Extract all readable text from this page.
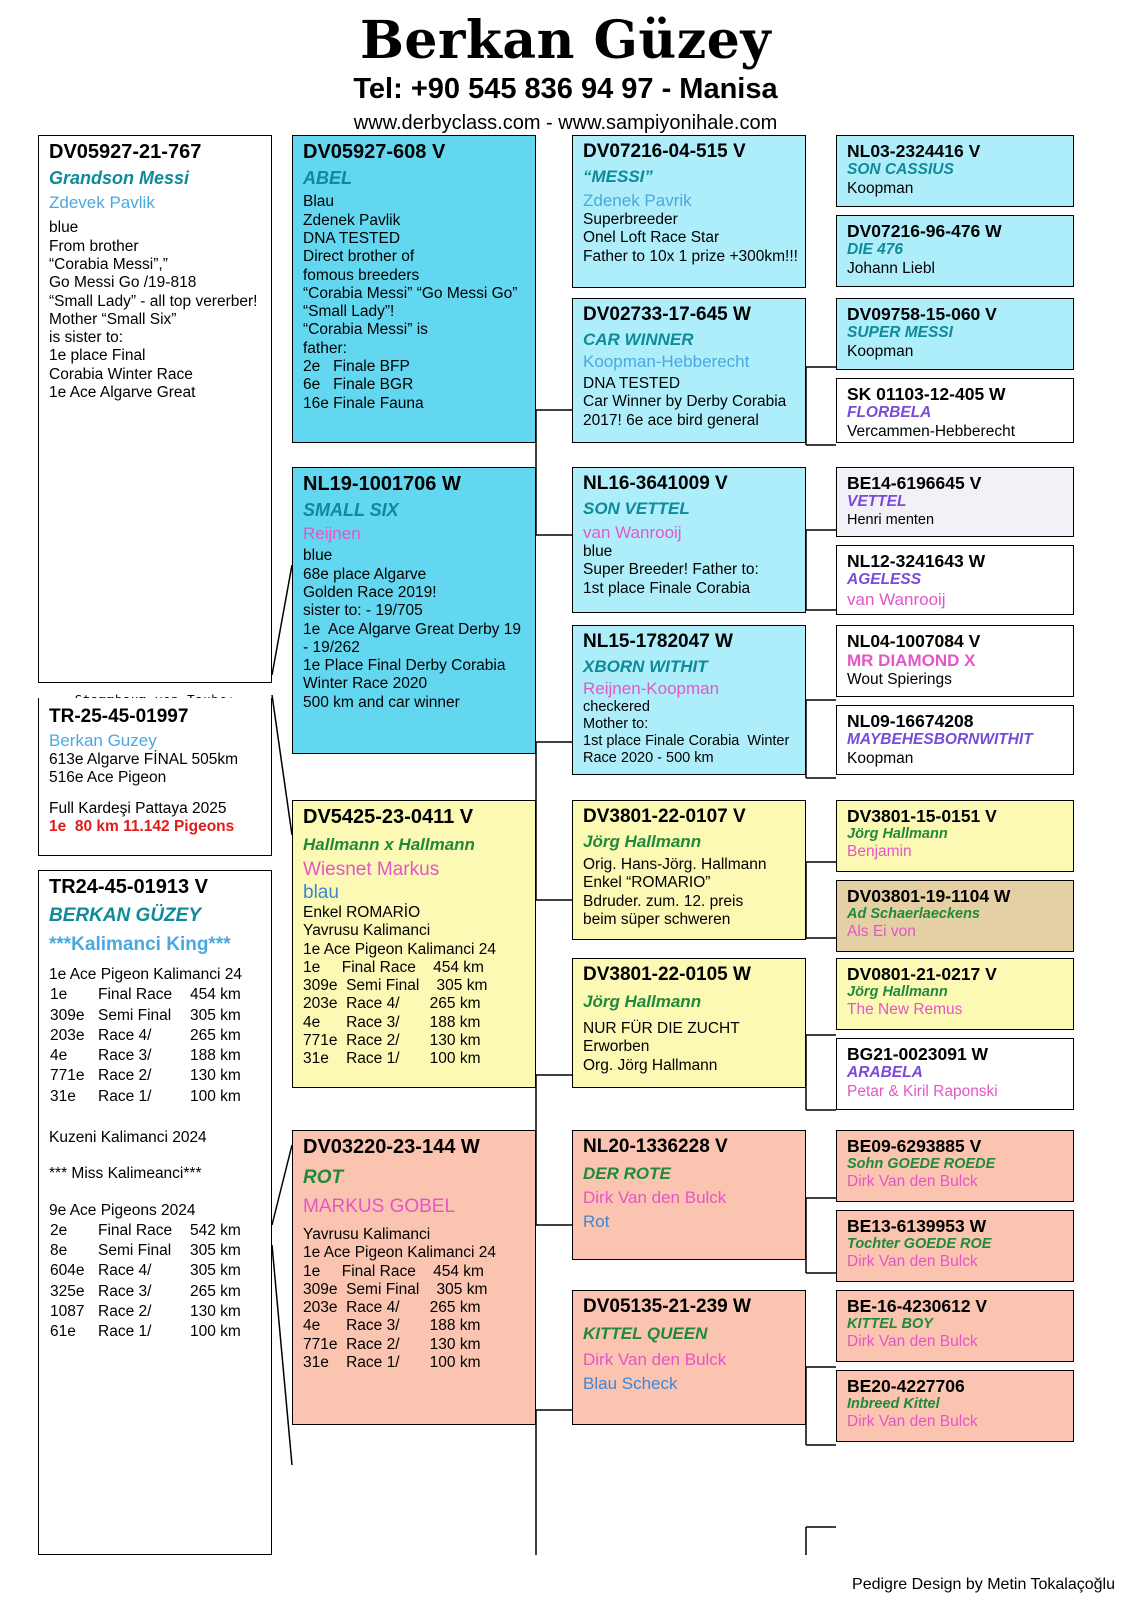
Berkan Güzey
Tel: +90 545 836 94 97 - Manisa
www.derbyclass.com - www.sampiyonihale.com
DV05927-21-767
Grandson Messi
Zdevek Pavlik
blue
From brother
“Corabia Messi”,”
Go Messi Go /19-818
“Small Lady” - all top vererber!
Mother “Small Six”
is sister to:
1e place Final
Corabia Winter Race
1e Ace Algarve Great
TR-25-45-01997
Berkan Guzey
613e Algarve FİNAL 505km
516e Ace Pigeon
Full Kardeşi Pattaya 2025
1e  80 km 11.142 Pigeons
TR24-45-01913 V
BERKAN GÜZEY
***Kalimanci King***
1e Ace Pigeon Kalimanci 24
1e	Final Race	454 km
309e	Semi Final	305 km
203e	Race 4/	265 km
4e	Race 3/	188 km
771e	Race 2/	130 km
31e	Race 1/	100 km
Kuzeni Kalimanci 2024
*** Miss Kalimeanci***
9e Ace Pigeons 2024
2e	Final Race	542 km
8e	Semi Final	305 km
604e	Race 4/	305 km
325e	Race 3/	265 km
1087	Race 2/	130 km
61e	Race 1/	100 km
DV05927-608 V
ABEL
Blau
Zdenek Pavlik
DNA TESTED
Direct brother of
fomous breeders
“Corabia Messi” “Go Messi Go”
“Small Lady”!
“Corabia Messi” is
father:
2e   Finale BFP
6e   Finale BGR
16e Finale Fauna
NL19-1001706 W
SMALL SIX
Reijnen
blue
68e place Algarve
Golden Race 2019!
sister to: - 19/705
1e  Ace Algarve Great Derby 19
- 19/262
1e Place Final Derby Corabia
Winter Race 2020
500 km and car winner
DV5425-23-0411 V
Hallmann x Hallmann
Wiesnet Markus
blau
Enkel ROMARİO
Yavrusu Kalimanci
1e Ace Pigeon Kalimanci 24
1e     Final Race    454 km
309e  Semi Final    305 km
203e  Race 4/       265 km
4e      Race 3/       188 km
771e  Race 2/       130 km
31e    Race 1/       100 km
DV03220-23-144 W
ROT
MARKUS GOBEL
Yavrusu Kalimanci
1e Ace Pigeon Kalimanci 24
1e     Final Race    454 km
309e  Semi Final    305 km
203e  Race 4/       265 km
4e      Race 3/       188 km
771e  Race 2/       130 km
31e    Race 1/       100 km
DV07216-04-515 V
“MESSI”
Zdenek Pavrik
Superbreeder
Onel Loft Race Star
Father to 10x 1 prize +300km!!!
DV02733-17-645 W
CAR WINNER
Koopman-Hebberecht
DNA TESTED
Car Winner by Derby Corabia
2017! 6e ace bird general
NL16-3641009 V
SON VETTEL
van Wanrooij
blue
Super Breeder! Father to:
1st place Finale Corabia
NL15-1782047 W
XBORN WITHIT
Reijnen-Koopman
checkered
Mother to:
1st place Finale Corabia  Winter
Race 2020 - 500 km
DV3801-22-0107 V
Jörg Hallmann
Orig. Hans-Jörg. Hallmann
Enkel “ROMARIO”
Bdruder. zum. 12. preis
beim süper schweren
DV3801-22-0105 W
Jörg Hallmann
NUR FÜR DIE ZUCHT
Erworben
Org. Jörg Hallmann
NL20-1336228 V
DER ROTE
Dirk Van den Bulck
Rot
DV05135-21-239 W
KITTEL QUEEN
Dirk Van den Bulck
Blau Scheck
NL03-2324416 V
SON CASSIUS
Koopman
DV07216-96-476 W
DIE 476
Johann Liebl
DV09758-15-060 V
SUPER MESSI
Koopman
SK 01103-12-405 W
FLORBELA
Vercammen-Hebberecht
BE14-6196645 V
VETTEL
Henri menten
NL12-3241643 W
AGELESS
van Wanrooij
NL04-1007084 V
MR DIAMOND X
Wout Spierings
NL09-16674208
MAYBEHESBORNWITHIT
Koopman
DV3801-15-0151 V
Jörg Hallmann
Benjamin
DV03801-19-1104 W
Ad Schaerlaeckens
Als Ei von
DV0801-21-0217 V
Jörg Hallmann
The New Remus
BG21-0023091 W
ARABELA
Petar & Kiril Raponski
BE09-6293885 V
Sohn GOEDE ROEDE
Dirk Van den Bulck
BE13-6139953 W
Tochter GOEDE ROE
Dirk Van den Bulck
BE-16-4230612 V
KITTEL BOY
Dirk Van den Bulck
BE20-4227706
Inbreed Kittel
Dirk Van den Bulck
Pedigre Design by Metin Tokalaçoğlu
